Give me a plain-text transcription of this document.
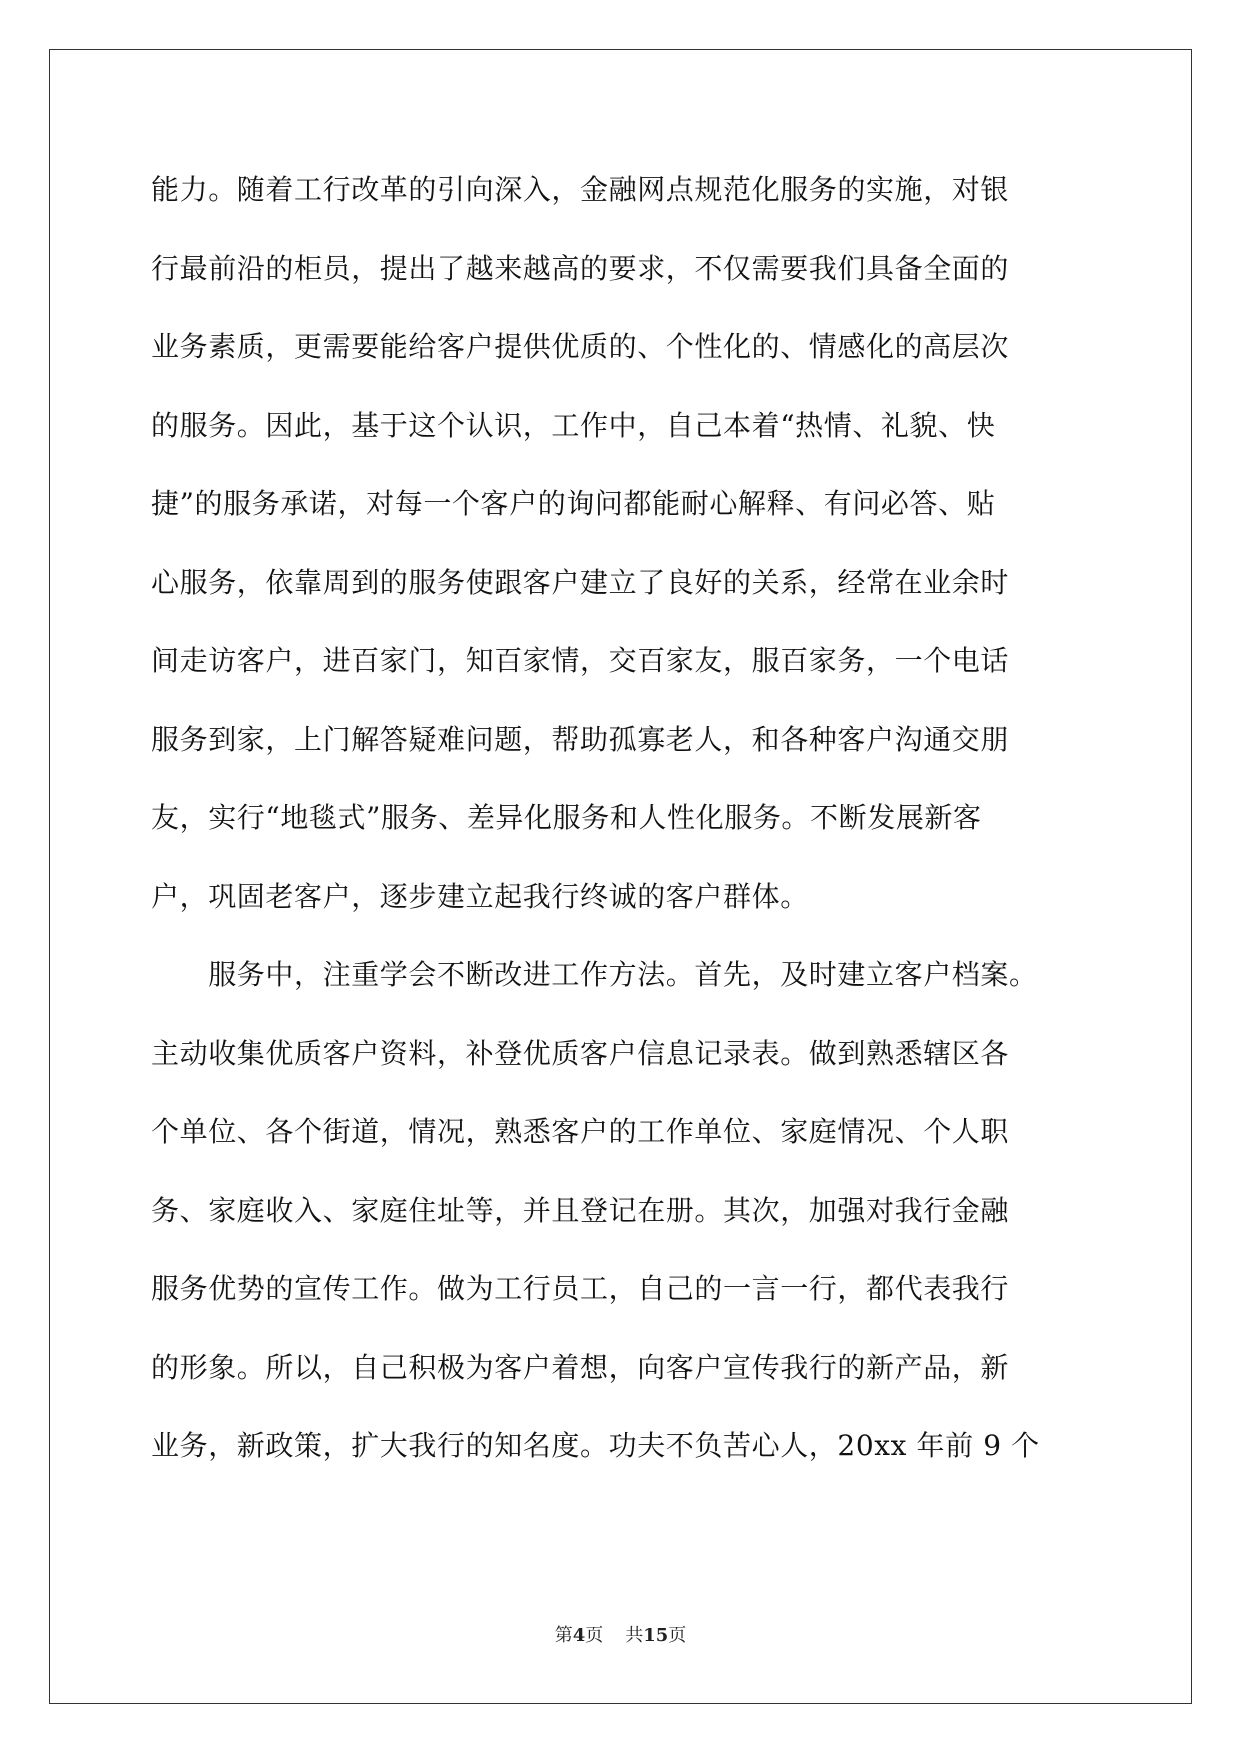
能力。随着工行改革的引向深入，金融网点规范化服务的实施，对银
行最前沿的柜员，提出了越来越高的要求，不仅需要我们具备全面的
业务素质，更需要能给客户提供优质的、个性化的、情感化的高层次
的服务。因此，基于这个认识，工作中，自己本着“热情、礼貌、快
捷”的服务承诺，对每一个客户的询问都能耐心解释、有问必答、贴
心服务，依靠周到的服务使跟客户建立了良好的关系，经常在业余时
间走访客户，进百家门，知百家情，交百家友，服百家务，一个电话
服务到家，上门解答疑难问题，帮助孤寡老人，和各种客户沟通交朋
友，实行“地毯式”服务、差异化服务和人性化服务。不断发展新客
户，巩固老客户，逐步建立起我行终诚的客户群体。
　　服务中，注重学会不断改进工作方法。首先，及时建立客户档案。
主动收集优质客户资料，补登优质客户信息记录表。做到熟悉辖区各
个单位、各个街道，情况，熟悉客户的工作单位、家庭情况、个人职
务、家庭收入、家庭住址等，并且登记在册。其次，加强对我行金融
服务优势的宣传工作。做为工行员工，自己的一言一行，都代表我行
的形象。所以，自己积极为客户着想，向客户宣传我行的新产品，新
业务，新政策，扩大我行的知名度。功夫不负苦心人，20xx 年前 9 个
第4页 共15页
